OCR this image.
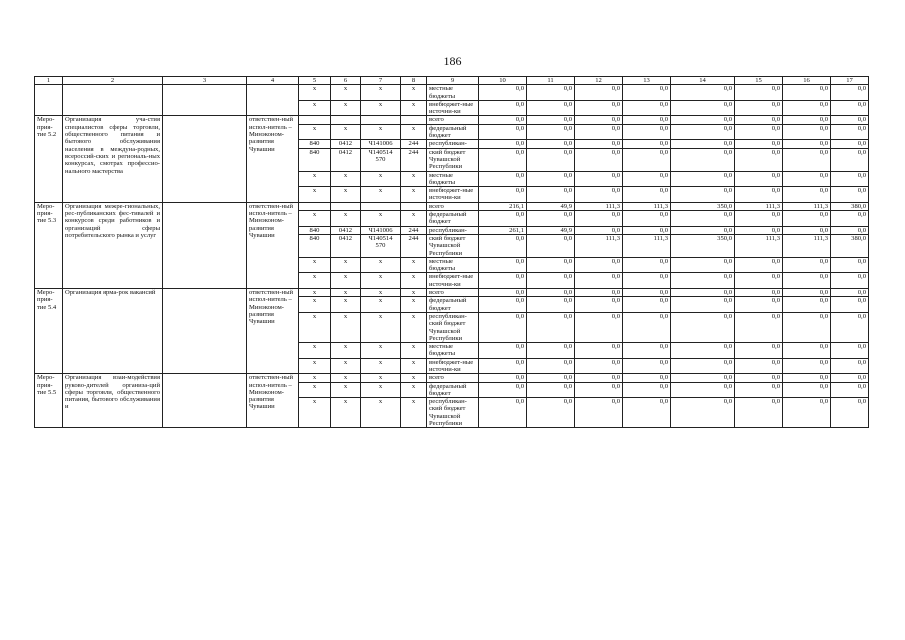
186
1	2	3	4	5	6	7	8	9	10	11	12	13	14	15	16	17
				x	x	x	x	местные бюджеты	0,0	0,0	0,0	0,0	0,0	0,0	0,0	0,0
				x	x	x	x	внебюджет-ные источни-ки	0,0	0,0	0,0	0,0	0,0	0,0	0,0	0,0
Меро-прия-тие 5.2	Организация уча-стия специалистов сферы торговли, общественного питания и бытового обслуживания населения в междуна-родных, всероссий-ских и региональ-ных конкурсах, смотрах профессио-нального мастерства		ответствен-ный испол-нитель – Минэконом-развития Чувашии					всего	0,0	0,0	0,0	0,0	0,0	0,0	0,0	0,0
				x	x	x	x	федеральный бюджет	0,0	0,0	0,0	0,0	0,0	0,0	0,0	0,0
				840	0412	Ч141006	244	республикан-	0,0	0,0	0,0	0,0	0,0	0,0	0,0	0,0
				840	0412	Ч140514 570	244	ский бюджет Чувашской Республики	0,0	0,0	0,0	0,0	0,0	0,0	0,0	0,0
				x	x	x	x	местные бюджеты	0,0	0,0	0,0	0,0	0,0	0,0	0,0	0,0
				x	x	x	x	внебюджет-ные источни-ки	0,0	0,0	0,0	0,0	0,0	0,0	0,0	0,0
Меро-прия-тие 5.3	Организация межре-гиональных, рес-публиканских фес-тивалей и конкурсов среди работников и организаций сферы потребительского рынка и услуг		ответствен-ный испол-нитель – Минэконом-развития Чувашии					всего	216,1	49,9	111,3	111,3	350,0	111,3	111,3	380,0
				x	x	x	x	федеральный бюджет	0,0	0,0	0,0	0,0	0,0	0,0	0,0	0,0
				840	0412	Ч141006	244	республикан-	261,1	49,9	0,0	0,0	0,0	0,0	0,0	0,0
				840	0412	Ч140514 570	244	ский бюджет Чувашской Республики	0,0	0,0	111,3	111,3	350,0	111,3	111,3	380,0
				x	x	x	x	местные бюджеты	0,0	0,0	0,0	0,0	0,0	0,0	0,0	0,0
				x	x	x	x	внебюджет-ные источни-ки	0,0	0,0	0,0	0,0	0,0	0,0	0,0	0,0
Меро-прия-тие 5.4	Организация ярма-рок вакансий		ответствен-ный испол-нитель – Минэконом-развития Чувашии	x	x	x	x	всего	0,0	0,0	0,0	0,0	0,0	0,0	0,0	0,0
				x	x	x	x	федеральный бюджет	0,0	0,0	0,0	0,0	0,0	0,0	0,0	0,0
				x	x	x	x	республикан-ский бюджет Чувашской Республики	0,0	0,0	0,0	0,0	0,0	0,0	0,0	0,0
				x	x	x	x	местные бюджеты	0,0	0,0	0,0	0,0	0,0	0,0	0,0	0,0
				x	x	x	x	внебюджет-ные источни-ки	0,0	0,0	0,0	0,0	0,0	0,0	0,0	0,0
Меро-прия-тие 5.5	Организация взаи-модействия руково-дителей организа-ций сферы торговли, общественного питания, бытового обслуживания и		ответствен-ный испол-нитель – Минэконом-развития Чувашии	x	x	x	x	всего	0,0	0,0	0,0	0,0	0,0	0,0	0,0	0,0
				x	x	x	x	федеральный бюджет	0,0	0,0	0,0	0,0	0,0	0,0	0,0	0,0
				x	x	x	x	республикан-ский бюджет Чувашской Республики	0,0	0,0	0,0	0,0	0,0	0,0	0,0	0,0
